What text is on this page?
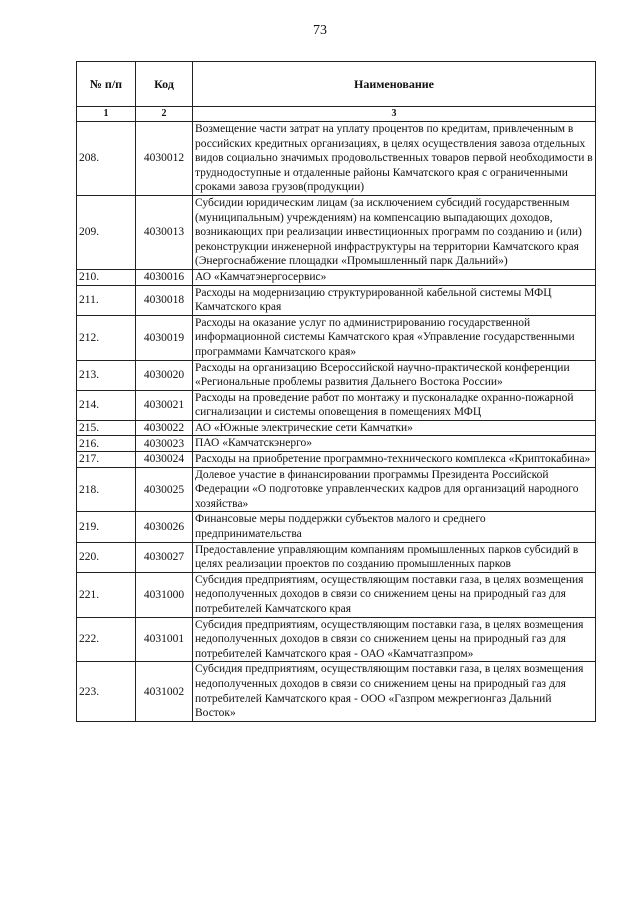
73
№ п/п	Код	Наименование
1	2	3
208.	4030012	Возмещение части затрат на уплату процентов по кредитам, привлеченным в российских кредитных организациях, в целях осуществления завоза отдельных видов социально значимых продовольственных товаров первой необходимости в труднодоступные и отдаленные районы Камчатского края с ограниченными сроками завоза грузов(продукции)
209.	4030013	Субсидии юридическим лицам (за исключением субсидий государственным (муниципальным) учреждениям) на компенсацию выпадающих доходов, возникающих при реализации инвестиционных программ по созданию и (или) реконструкции инженерной инфраструктуры на территории Камчатского края (Энергоснабжение площадки «Промышленный парк Дальний»)
210.	4030016	АО «Камчатэнергосервис»
211.	4030018	Расходы на модернизацию структурированной кабельной системы МФЦ Камчатского края
212.	4030019	Расходы на оказание услуг по администрированию государственной информационной системы Камчатского края «Управление государственными программами Камчатского края»
213.	4030020	Расходы на организацию Всероссийской научно-практической конференции «Региональные проблемы развития Дальнего Востока России»
214.	4030021	Расходы на проведение работ по монтажу и пусконаладке охранно-пожарной сигнализации и системы оповещения в помещениях МФЦ
215.	4030022	АО «Южные электрические сети Камчатки»
216.	4030023	ПАО «Камчатскэнерго»
217.	4030024	Расходы на приобретение программно-технического комплекса «Криптокабина»
218.	4030025	Долевое участие в финансировании программы Президента Российской Федерации «О подготовке управленческих кадров для организаций народного хозяйства»
219.	4030026	Финансовые меры поддержки субъектов малого и среднего предпринимательства
220.	4030027	Предоставление управляющим компаниям промышленных парков субсидий в целях реализации проектов по созданию промышленных парков
221.	4031000	Субсидия предприятиям, осуществляющим поставки газа, в целях возмещения недополученных доходов в связи со снижением цены на природный газ для потребителей Камчатского края
222.	4031001	Субсидия предприятиям, осуществляющим поставки газа, в целях возмещения недополученных доходов в связи со снижением цены на природный газ для потребителей Камчатского края - ОАО «Камчатгазпром»
223.	4031002	Субсидия предприятиям, осуществляющим поставки газа, в целях возмещения недополученных доходов в связи со снижением цены на природный газ для потребителей Камчатского края - ООО «Газпром межрегионгаз Дальний Восток»
